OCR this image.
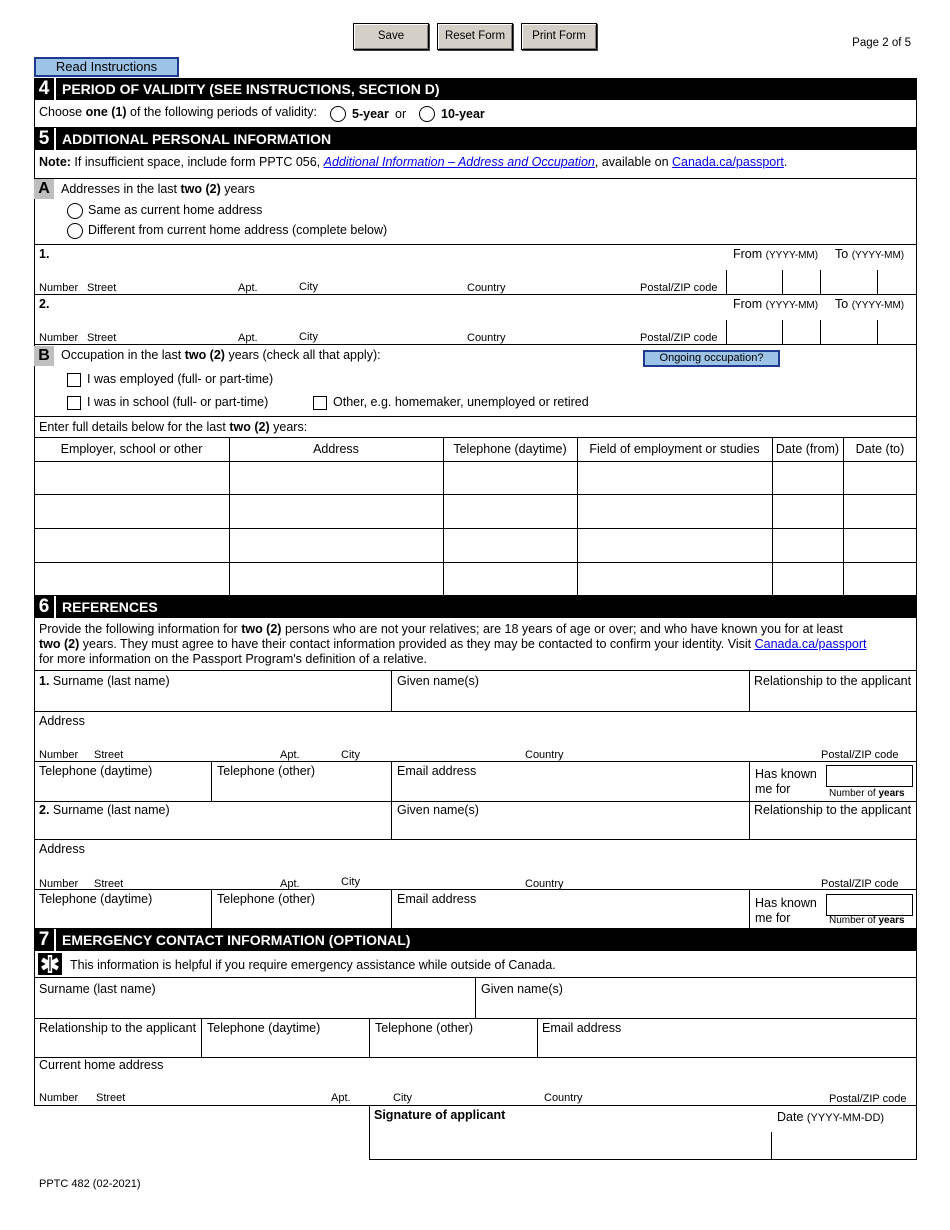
Save	Reset Form	Print Form
Page 2 of 5
Read Instructions
4 PERIOD OF VALIDITY (SEE INSTRUCTIONS, SECTION D)
Choose one (1) of the following periods of validity:	5-year or	10-year
5 ADDITIONAL PERSONAL INFORMATION
Note: If insufficient space, include form PPTC 056, Additional Information – Address and Occupation, available on Canada.ca/passport.
A Addresses in the last two (2) years
Same as current home address
Different from current home address (complete below)
1.	From (YYYY-MM) To (YYYY-MM)
Number Street	Apt.	City	Country	Postal/ZIP code
2.	From (YYYY-MM) To (YYYY-MM)
Number Street	Apt.	City	Country	Postal/ZIP code
B Occupation in the last two (2) years (check all that apply):	Ongoing occupation?
I was employed (full- or part-time)
I was in school (full- or part-time)	Other, e.g. homemaker, unemployed or retired
Enter full details below for the last two (2) years:
Employer, school or other	Address	Telephone (daytime)	Field of employment or studies	Date (from)	Date (to)
6 REFERENCES
Provide the following information for two (2) persons who are not your relatives; are 18 years of age or over; and who have known you for at least
two (2) years. They must agree to have their contact information provided as they may be contacted to confirm your identity. Visit Canada.ca/passport
for more information on the Passport Program's definition of a relative.
1. Surname (last name)	Given name(s)	Relationship to the applicant
Address
Number Street	Apt.	City	Country	Postal/ZIP code
Telephone (daytime)	Telephone (other)	Email address	Has known
me for	Number of years
2. Surname (last name)	Given name(s)	Relationship to the applicant
Address
Number Street	Apt.	City	Country	Postal/ZIP code
Telephone (daytime)	Telephone (other)	Email address	Has known
me for	Number of years
7 EMERGENCY CONTACT INFORMATION (OPTIONAL)
This information is helpful if you require emergency assistance while outside of Canada.
Surname (last name)	Given name(s)
Relationship to the applicant Telephone (daytime)	Telephone (other)	Email address
Current home address
Number Street	Apt.	City	Country	Postal/ZIP code
Signature of applicant	Date (YYYY-MM-DD)
PPTC 482 (02-2021)
